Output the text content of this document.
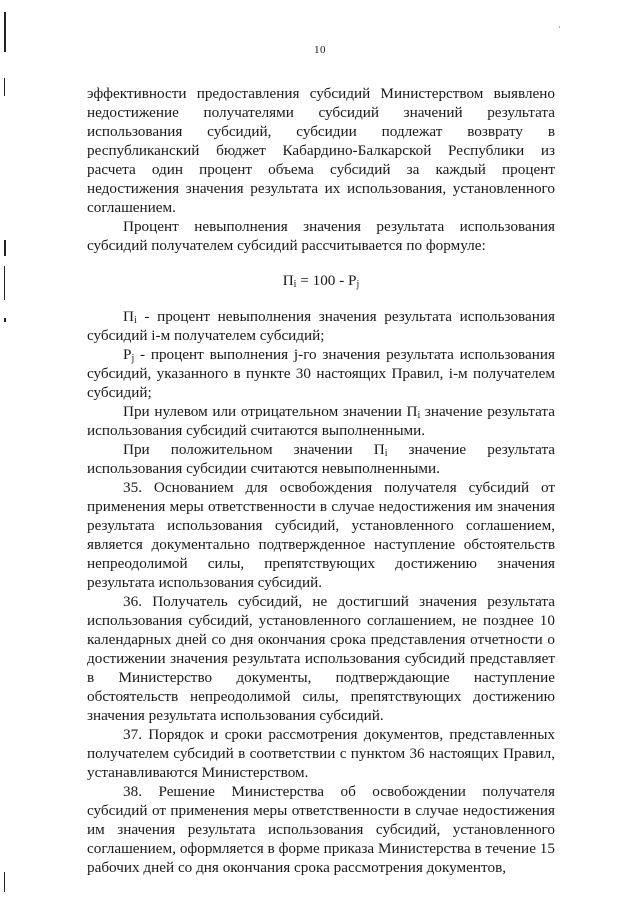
·
10

эффективности предоставления субсидий Министерством выявлено недостижение получателями субсидий значений результата использования субсидий, субсидии подлежат возврату в республиканский бюджет Кабардино-Балкарской Республики из расчета один процент объема субсидий за каждый процент недостижения значения результата их использования, установленного соглашением.

Процент невыполнения значения результата использования субсидий получателем субсидий рассчитывается по формуле:

$П_i = 100 - P_j$

$П_i$ - процент невыполнения значения результата использования субсидий i-м получателем субсидий;

$P_j$ - процент выполнения j-го значения результата использования субсидий, указанного в пункте 30 настоящих Правил, i-м получателем субсидий;

При нулевом или отрицательном значении $П_i$ значение результата использования субсидий считаются выполненными.

При положительном значении $П_i$ значение результата использования субсидии считаются невыполненными.

35. Основанием для освобождения получателя субсидий от применения меры ответственности в случае недостижения им значения результата использования субсидий, установленного соглашением, является документально подтвержденное наступление обстоятельств непреодолимой силы, препятствующих достижению значения результата использования субсидий.

36. Получатель субсидий, не достигший значения результата использования субсидий, установленного соглашением, не позднее 10 календарных дней со дня окончания срока представления отчетности о достижении значения результата использования субсидий представляет в Министерство документы, подтверждающие наступление обстоятельств непреодолимой силы, препятствующих достижению значения результата использования субсидий.

37. Порядок и сроки рассмотрения документов, представленных получателем субсидий в соответствии с пунктом 36 настоящих Правил, устанавливаются Министерством.

38. Решение Министерства об освобождении получателя субсидий от применения меры ответственности в случае недостижения им значения результата использования субсидий, установленного соглашением, оформляется в форме приказа Министерства в течение 15 рабочих дней со дня окончания срока рассмотрения документов,
